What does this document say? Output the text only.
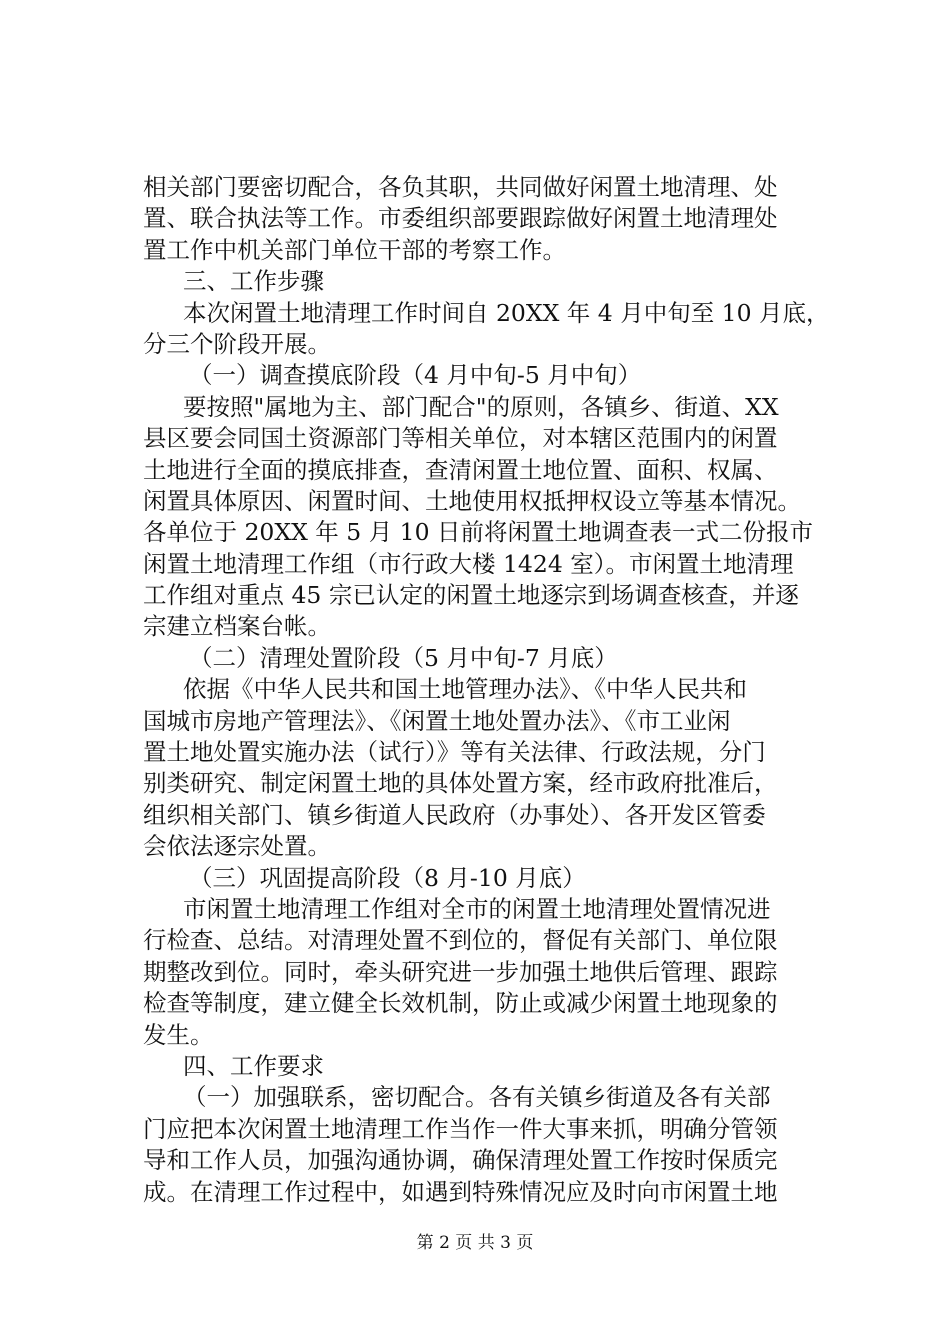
相关部门要密切配合，各负其职，共同做好闲置土地清理、处
置、联合执法等工作。市委组织部要跟踪做好闲置土地清理处
置工作中机关部门单位干部的考察工作。
三、工作步骤
本次闲置土地清理工作时间自 20XX 年 4 月中旬至 10 月底，
分三个阶段开展。
（一）调查摸底阶段（4 月中旬-5 月中旬）
要按照"属地为主、部门配合"的原则，各镇乡、街道、XX
县区要会同国土资源部门等相关单位，对本辖区范围内的闲置
土地进行全面的摸底排查，查清闲置土地位置、面积、权属、
闲置具体原因、闲置时间、土地使用权抵押权设立等基本情况。
各单位于 20XX 年 5 月 10 日前将闲置土地调查表一式二份报市
闲置土地清理工作组（市行政大楼 1424 室）。市闲置土地清理
工作组对重点 45 宗已认定的闲置土地逐宗到场调查核查，并逐
宗建立档案台帐。
（二）清理处置阶段（5 月中旬-7 月底）
依据《中华人民共和国土地管理办法》、《中华人民共和
国城市房地产管理法》、《闲置土地处置办法》、《市工业闲
置土地处置实施办法（试行）》等有关法律、行政法规，分门
别类研究、制定闲置土地的具体处置方案，经市政府批准后，
组织相关部门、镇乡街道人民政府（办事处）、各开发区管委
会依法逐宗处置。
（三）巩固提高阶段（8 月-10 月底）
市闲置土地清理工作组对全市的闲置土地清理处置情况进
行检查、总结。对清理处置不到位的，督促有关部门、单位限
期整改到位。同时，牵头研究进一步加强土地供后管理、跟踪
检查等制度，建立健全长效机制，防止或减少闲置土地现象的
发生。
四、工作要求
（一）加强联系，密切配合。各有关镇乡街道及各有关部
门应把本次闲置土地清理工作当作一件大事来抓，明确分管领
导和工作人员，加强沟通协调，确保清理处置工作按时保质完
成。在清理工作过程中，如遇到特殊情况应及时向市闲置土地
第 2 页 共 3 页
